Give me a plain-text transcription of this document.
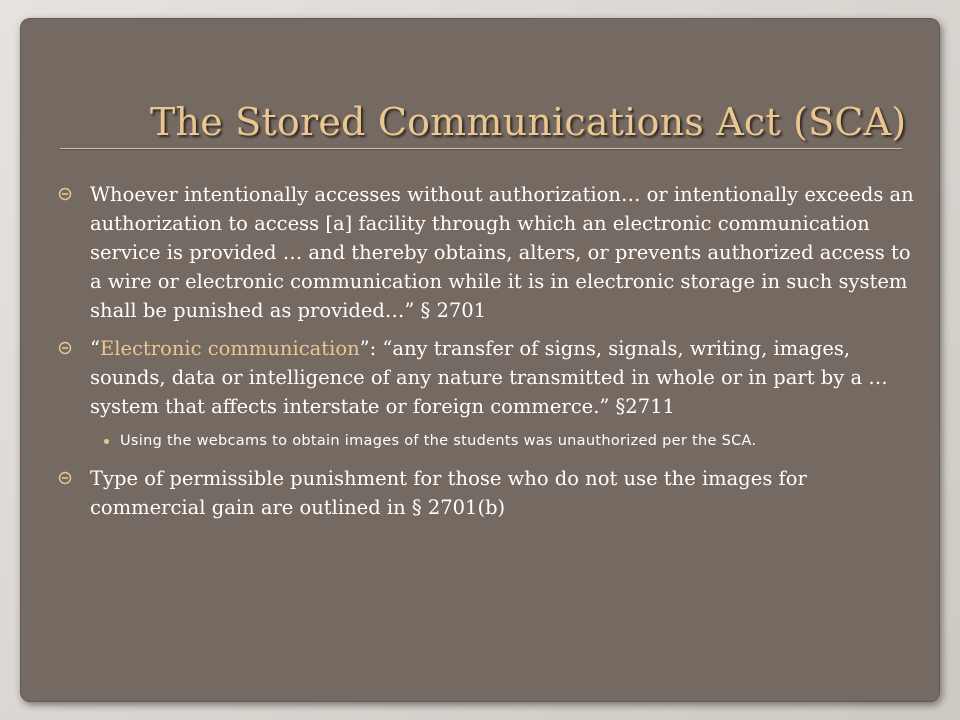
The Stored Communications Act (SCA)
Whoever intentionally accesses without authorization… or intentionally exceeds an authorization to access [a] facility through which an electronic communication service is provided … and thereby obtains, alters, or prevents authorized access to a wire or electronic communication while it is in electronic storage in such system shall be punished as provided…” § 2701
“Electronic communication”: “any transfer of signs, signals, writing, images, sounds, data or intelligence of any nature transmitted in whole or in part by a …system that affects interstate or foreign commerce.” §2711
Using the webcams to obtain images of the students was unauthorized per the SCA.
Type of permissible punishment for those who do not use the images for commercial gain are outlined in § 2701(b)
